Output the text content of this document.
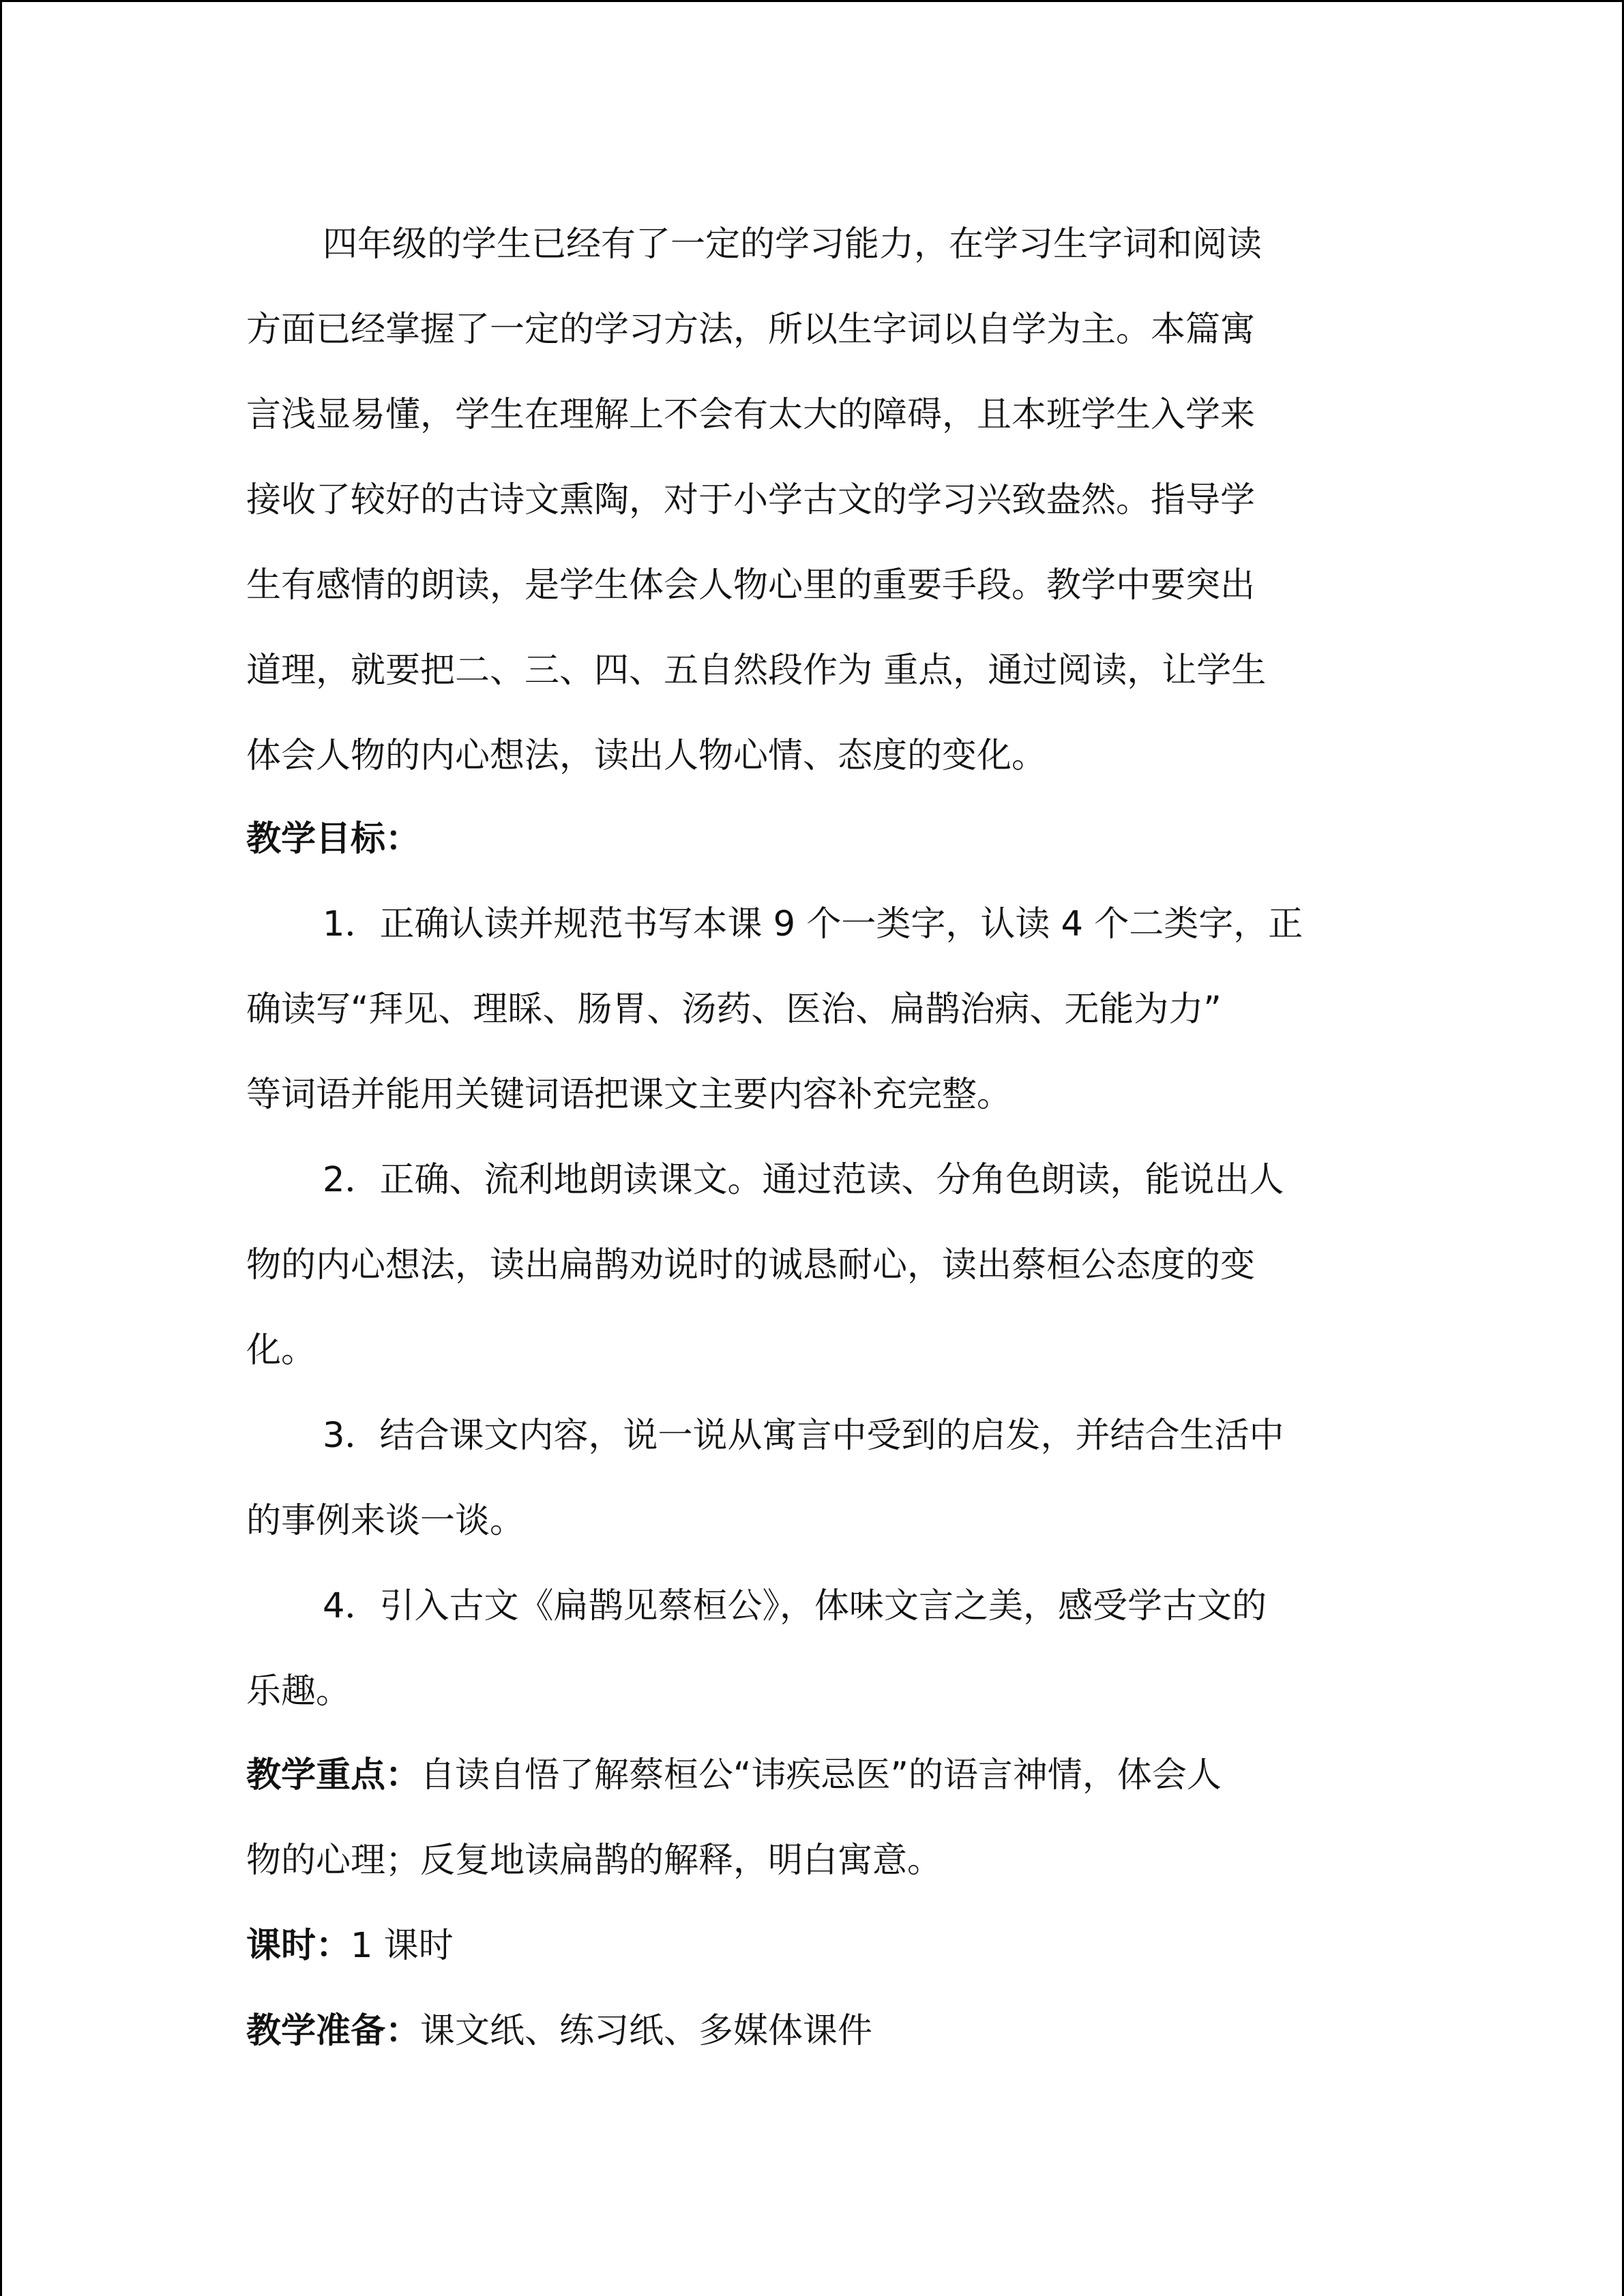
四年级的学生已经有了一定的学习能力，在学习生字词和阅读
方面已经掌握了一定的学习方法，所以生字词以自学为主。本篇寓
言浅显易懂，学生在理解上不会有太大的障碍，且本班学生入学来
接收了较好的古诗文熏陶，对于小学古文的学习兴致盎然。指导学
生有感情的朗读，是学生体会人物心里的重要手段。教学中要突出
道理，就要把二、三、四、五自然段作为 重点，通过阅读，让学生
体会人物的内心想法，读出人物心情、态度的变化。
教学目标：
1．正确认读并规范书写本课 9 个一类字，认读 4 个二类字，正
确读写“拜见、理睬、肠胃、汤药、医治、扁鹊治病、无能为力”
等词语并能用关键词语把课文主要内容补充完整。
2．正确、流利地朗读课文。通过范读、分角色朗读，能说出人
物的内心想法，读出扁鹊劝说时的诚恳耐心，读出蔡桓公态度的变
化。
3．结合课文内容，说一说从寓言中受到的启发，并结合生活中
的事例来谈一谈。
4．引入古文《扁鹊见蔡桓公》，体味文言之美，感受学古文的
乐趣。
教学重点：自读自悟了解蔡桓公“讳疾忌医”的语言神情，体会人
物的心理；反复地读扁鹊的解释，明白寓意。
课时：1 课时
教学准备：课文纸、练习纸、多媒体课件
